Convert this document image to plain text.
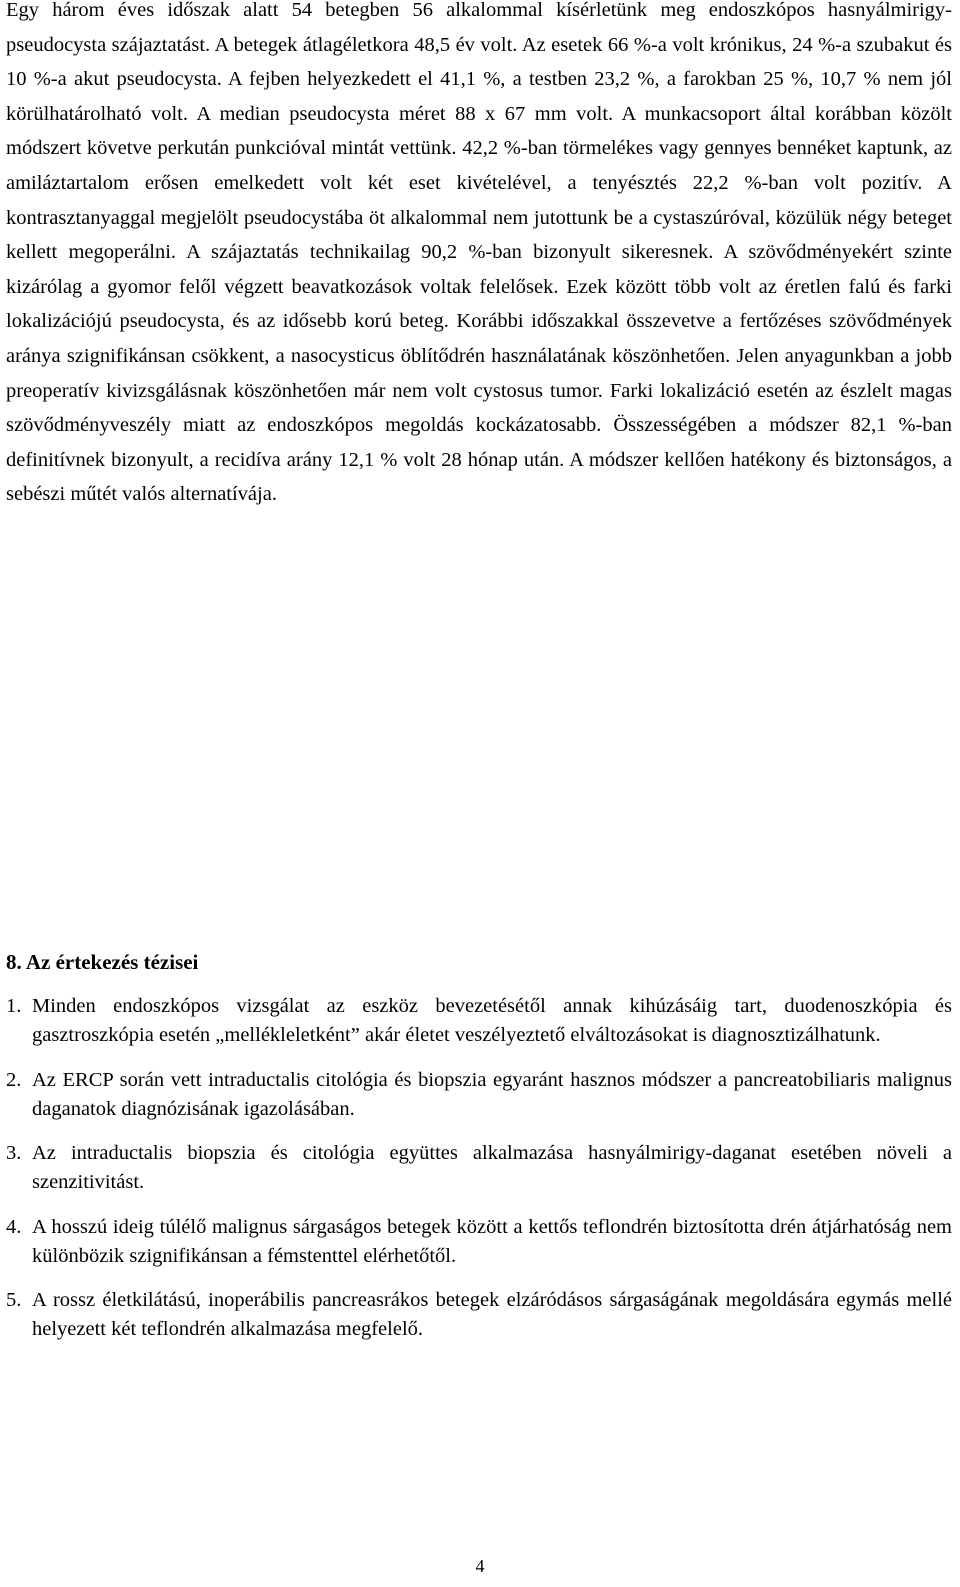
Egy három éves időszak alatt 54 betegben 56 alkalommal kísérletünk meg endoszkópos hasnyálmirigy-pseudocysta szájaztatást. A betegek átlagéletkora 48,5 év volt. Az esetek 66 %-a volt krónikus, 24 %-a szubakut és 10 %-a akut pseudocysta. A fejben helyezkedett el 41,1 %, a testben 23,2 %, a farokban 25 %, 10,7 % nem jól körülhatárolható volt. A median pseudocysta méret 88 x 67 mm volt. A munkacsoport által korábban közölt módszert követve perkután punkcióval mintát vettünk. 42,2 %-ban törmelékes vagy gennyes bennéket kaptunk, az amiláztartalom erősen emelkedett volt két eset kivételével, a tenyésztés 22,2 %-ban volt pozitív. A kontrasztanyaggal megjelölt pseudocystába öt alkalommal nem jutottunk be a cystaszúróval, közülük négy beteget kellett megoperálni. A szájaztatás technikailag 90,2 %-ban bizonyult sikeresnek. A szövődményekért szinte kizárólag a gyomor felől végzett beavatkozások voltak felelősek. Ezek között több volt az éretlen falú és farki lokalizációjú pseudocysta, és az idősebb korú beteg. Korábbi időszakkal összevetve a fertőzéses szövődmények aránya szignifikánsan csökkent, a nasocysticus öblítődrén használatának köszönhetően. Jelen anyagunkban a jobb preoperatív kivizsgálásnak köszönhetően már nem volt cystosus tumor. Farki lokalizáció esetén az észlelt magas szövődményveszély miatt az endoszkópos megoldás kockázatosabb. Összességében a módszer 82,1 %-ban definitívnek bizonyult, a recidíva arány 12,1 % volt 28 hónap után. A módszer kellően hatékony és biztonságos, a sebészi műtét valós alternatívája.

8. Az értekezés tézisei
1. Minden endoszkópos vizsgálat az eszköz bevezetésétől annak kihúzásáig tart, duodenoszkópia és gasztroszkópia esetén „mellékleletként” akár életet veszélyeztető elváltozásokat is diagnosztizálhatunk.
2. Az ERCP során vett intraductalis citológia és biopszia egyaránt hasznos módszer a pancreatobiliaris malignus daganatok diagnózisának igazolásában.
3. Az intraductalis biopszia és citológia együttes alkalmazása hasnyálmirigy-daganat esetében növeli a szenzitivitást.
4. A hosszú ideig túlélő malignus sárgaságos betegek között a kettős teflondrén biztosította drén átjárhatóság nem különbözik szignifikánsan a fémstenttel elérhetőtől.
5. A rossz életkilátású, inoperábilis pancreasrákos betegek elzáródásos sárgaságának megoldására egymás mellé helyezett két teflondrén alkalmazása megfelelő.
4
